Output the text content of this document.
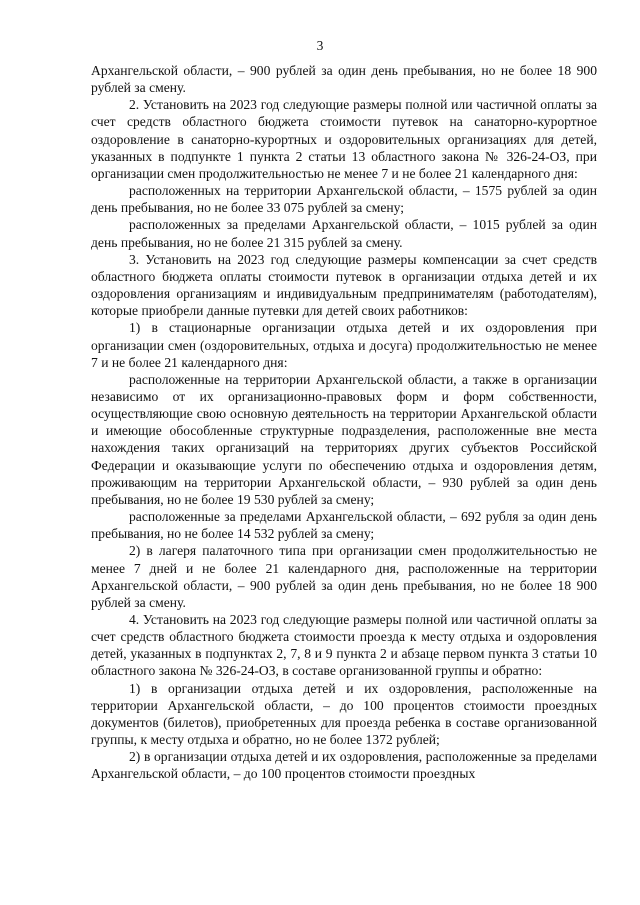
3

Архангельской области, – 900 рублей за один день пребывания, но не более 18 900 рублей за смену.

2. Установить на 2023 год следующие размеры полной или частичной оплаты за счет средств областного бюджета стоимости путевок на санаторно-курортное оздоровление в санаторно-курортных и оздоровительных организациях для детей, указанных в подпункте 1 пункта 2 статьи 13 областного закона № 326-24-ОЗ, при организации смен продолжительностью не менее 7 и не более 21 календарного дня:

расположенных на территории Архангельской области, – 1575 рублей за один день пребывания, но не более 33 075 рублей за смену;

расположенных за пределами Архангельской области, – 1015 рублей за один день пребывания, но не более 21 315 рублей за смену.

3. Установить на 2023 год следующие размеры компенсации за счет средств областного бюджета оплаты стоимости путевок в организации отдыха детей и их оздоровления организациям и индивидуальным предпринимателям (работодателям), которые приобрели данные путевки для детей своих работников:

1) в стационарные организации отдыха детей и их оздоровления при организации смен (оздоровительных, отдыха и досуга) продолжительностью не менее 7 и не более 21 календарного дня:

расположенные на территории Архангельской области, а также в организации независимо от их организационно-правовых форм и форм собственности, осуществляющие свою основную деятельность на территории Архангельской области и имеющие обособленные структурные подразделения, расположенные вне места нахождения таких организаций на территориях других субъектов Российской Федерации и оказывающие услуги по обеспечению отдыха и оздоровления детям, проживающим на территории Архангельской области, – 930 рублей за один день пребывания, но не более 19 530 рублей за смену;

расположенные за пределами Архангельской области, – 692 рубля за один день пребывания, но не более 14 532 рублей за смену;

2) в лагеря палаточного типа при организации смен продолжительностью не менее 7 дней и не более 21 календарного дня, расположенные на территории Архангельской области, – 900 рублей за один день пребывания, но не более 18 900 рублей за смену.

4. Установить на 2023 год следующие размеры полной или частичной оплаты за счет средств областного бюджета стоимости проезда к месту отдыха и оздоровления детей, указанных в подпунктах 2, 7, 8 и 9 пункта 2 и абзаце первом пункта 3 статьи 10 областного закона № 326-24-ОЗ, в составе организованной группы и обратно:

1) в организации отдыха детей и их оздоровления, расположенные на территории Архангельской области, – до 100 процентов стоимости проездных документов (билетов), приобретенных для проезда ребенка в составе организованной группы, к месту отдыха и обратно, но не более 1372 рублей;

2) в организации отдыха детей и их оздоровления, расположенные за пределами Архангельской области, – до 100 процентов стоимости проездных
